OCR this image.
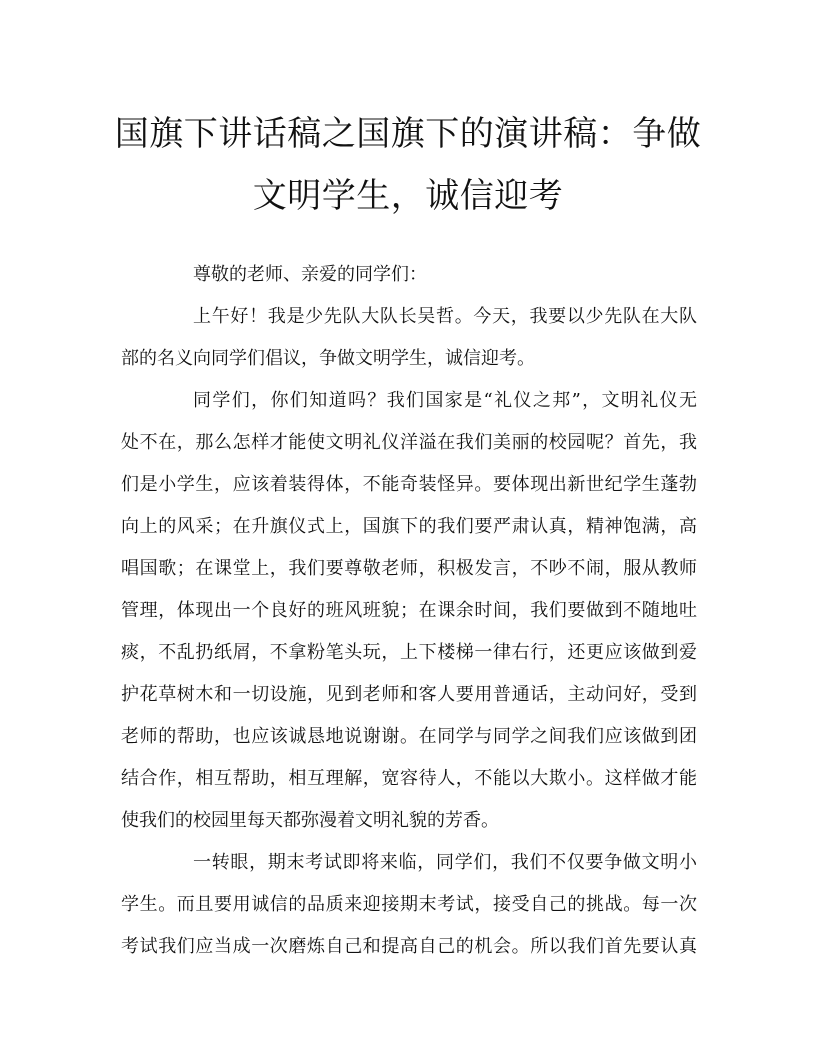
国旗下讲话稿之国旗下的演讲稿：争做
文明学生，诚信迎考
尊敬的老师、亲爱的同学们：
上午好！我是少先队大队长吴哲。今天，我要以少先队在大队
部的名义向同学们倡议，争做文明学生，诚信迎考。
同学们，你们知道吗？我们国家是“礼仪之邦”，文明礼仪无
处不在，那么怎样才能使文明礼仪洋溢在我们美丽的校园呢？首先，我
们是小学生，应该着装得体，不能奇装怪异。要体现出新世纪学生蓬勃
向上的风采；在升旗仪式上，国旗下的我们要严肃认真，精神饱满，高
唱国歌；在课堂上，我们要尊敬老师，积极发言，不吵不闹，服从教师
管理，体现出一个良好的班风班貌；在课余时间，我们要做到不随地吐
痰，不乱扔纸屑，不拿粉笔头玩，上下楼梯一律右行，还更应该做到爱
护花草树木和一切设施，见到老师和客人要用普通话，主动问好，受到
老师的帮助，也应该诚恳地说谢谢。在同学与同学之间我们应该做到团
结合作，相互帮助，相互理解，宽容待人，不能以大欺小。这样做才能
使我们的校园里每天都弥漫着文明礼貌的芳香。
一转眼，期末考试即将来临，同学们，我们不仅要争做文明小
学生。而且要用诚信的品质来迎接期末考试，接受自己的挑战。每一次
考试我们应当成一次磨炼自己和提高自己的机会。所以我们首先要认真
